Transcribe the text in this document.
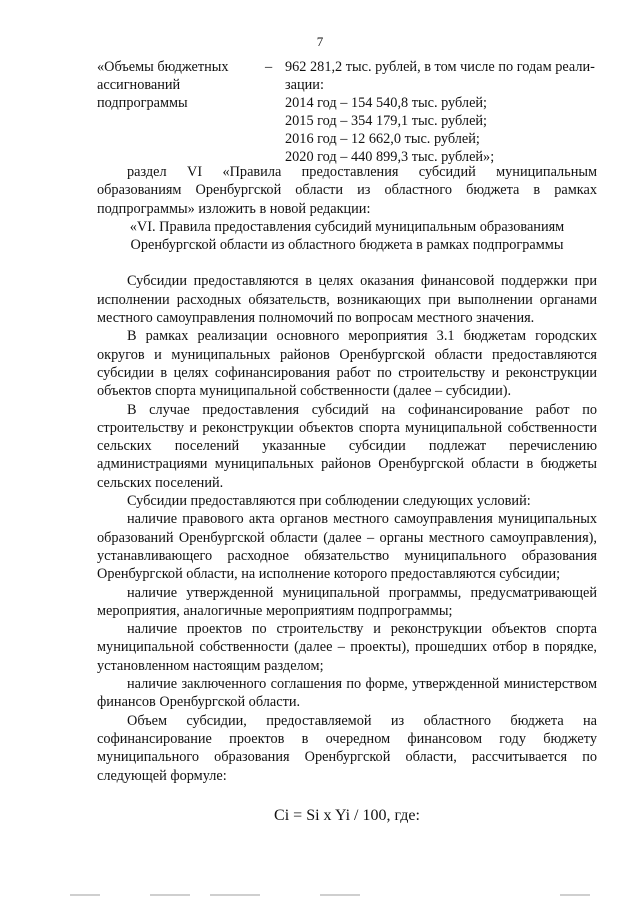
7
«Объемы бюджетных
ассигнований
подпрограммы
– 962 281,2 тыс. рублей, в том числе по годам реали-
зации:
2014 год – 154 540,8 тыс. рублей;
2015 год – 354 179,1 тыс. рублей;
2016 год – 12 662,0 тыс. рублей;
2020 год – 440 899,3 тыс. рублей»;

раздел VI «Правила предоставления субсидий муниципальным образованиям Оренбургской области из областного бюджета в рамках подпрограммы» изложить в новой редакции:

«VI. Правила предоставления субсидий муниципальным образованиям Оренбургской области из областного бюджета в рамках подпрограммы

Субсидии предоставляются в целях оказания финансовой поддержки при исполнении расходных обязательств, возникающих при выполнении органами местного самоуправления полномочий по вопросам местного значения.

В рамках реализации основного мероприятия 3.1 бюджетам городских округов и муниципальных районов Оренбургской области предоставляются субсидии в целях софинансирования работ по строительству и реконструкции объектов спорта муниципальной собственности (далее – субсидии).

В случае предоставления субсидий на софинансирование работ по строительству и реконструкции объектов спорта муниципальной собственности сельских поселений указанные субсидии подлежат перечислению администрациями муниципальных районов Оренбургской области в бюджеты сельских поселений.

Субсидии предоставляются при соблюдении следующих условий:

наличие правового акта органов местного самоуправления муниципальных образований Оренбургской области (далее – органы местного самоуправления), устанавливающего расходное обязательство муниципального образования Оренбургской области, на исполнение которого предоставляются субсидии;

наличие утвержденной муниципальной программы, предусматривающей мероприятия, аналогичные мероприятиям подпрограммы;

наличие проектов по строительству и реконструкции объектов спорта муниципальной собственности (далее – проекты), прошедших отбор в порядке, установленном настоящим разделом;

наличие заключенного соглашения по форме, утвержденной министерством финансов Оренбургской области.

Объем субсидии, предоставляемой из областного бюджета на софинансирование проектов в очередном финансовом году бюджету муниципального образования Оренбургской области, рассчитывается по следующей формуле:

Ci = Si x Yi / 100, где:
